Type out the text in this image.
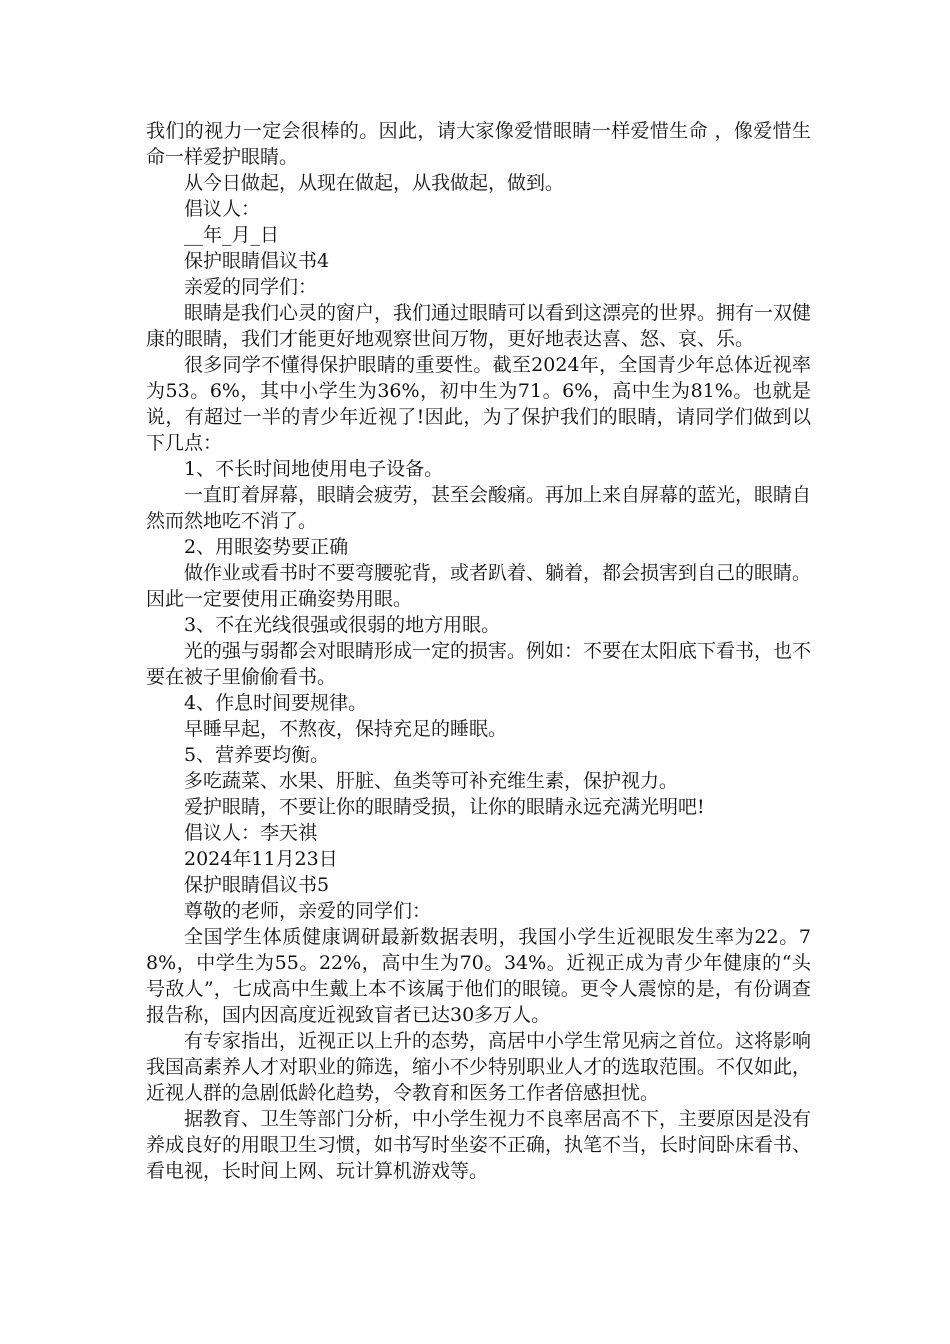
我们的视力一定会很棒的。因此，请大家像爱惜眼睛一样爱惜生命 ，像爱惜生命一样爱护眼睛。

从今日做起，从现在做起，从我做起，做到。

倡议人：

__年_月_日

保护眼睛倡议书4

亲爱的同学们：

眼睛是我们心灵的窗户，我们通过眼睛可以看到这漂亮的世界。拥有一双健康的眼睛，我们才能更好地观察世间万物，更好地表达喜、怒、哀、乐。

很多同学不懂得保护眼睛的重要性。截至2024年，全国青少年总体近视率为53。6%，其中小学生为36%，初中生为71。6%，高中生为81%。也就是说，有超过一半的青少年近视了!因此，为了保护我们的眼睛，请同学们做到以下几点：

1、不长时间地使用电子设备。

一直盯着屏幕，眼睛会疲劳，甚至会酸痛。再加上来自屏幕的蓝光，眼睛自然而然地吃不消了。

2、用眼姿势要正确

做作业或看书时不要弯腰驼背，或者趴着、躺着，都会损害到自己的眼睛。因此一定要使用正确姿势用眼。

3、不在光线很强或很弱的地方用眼。

光的强与弱都会对眼睛形成一定的损害。例如：不要在太阳底下看书，也不要在被子里偷偷看书。

4、作息时间要规律。

早睡早起，不熬夜，保持充足的睡眠。

5、营养要均衡。

多吃蔬菜、水果、肝脏、鱼类等可补充维生素，保护视力。

爱护眼睛，不要让你的眼睛受损，让你的眼睛永远充满光明吧!

倡议人：李天祺

2024年11月23日

保护眼睛倡议书5

尊敬的老师，亲爱的同学们：

全国学生体质健康调研最新数据表明，我国小学生近视眼发生率为22。78%，中学生为55。22%，高中生为70。34%。近视正成为青少年健康的“头号敌人”，七成高中生戴上本不该属于他们的眼镜。更令人震惊的是，有份调查报告称，国内因高度近视致盲者已达30多万人。

有专家指出，近视正以上升的态势，高居中小学生常见病之首位。这将影响我国高素养人才对职业的筛选，缩小不少特别职业人才的选取范围。不仅如此，近视人群的急剧低龄化趋势，令教育和医务工作者倍感担忧。

据教育、卫生等部门分析，中小学生视力不良率居高不下，主要原因是没有养成良好的用眼卫生习惯，如书写时坐姿不正确，执笔不当，长时间卧床看书、看电视，长时间上网、玩计算机游戏等。
